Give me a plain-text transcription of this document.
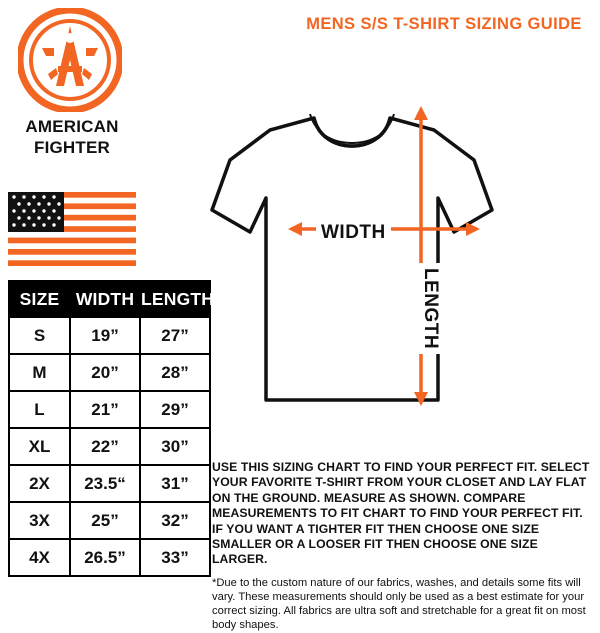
MENS S/S T-SHIRT SIZING GUIDE
AMERICAN
FIGHTER
SIZE	WIDTH	LENGTH
S	19”	27”
M	20”	28”
L	21”	29”
XL	22”	30”
2X	23.5“	31”
3X	25”	32”
4X	26.5”	33”
WIDTH
LENGTH

USE THIS SIZING CHART TO FIND YOUR PERFECT FIT. SELECT YOUR FAVORITE T-SHIRT FROM YOUR CLOSET AND LAY FLAT ON THE GROUND. MEASURE AS SHOWN. COMPARE MEASUREMENTS TO FIT CHART TO FIND YOUR PERFECT FIT. IF YOU WANT A TIGHTER FIT THEN CHOOSE ONE SIZE SMALLER OR A LOOSER FIT THEN CHOOSE ONE SIZE LARGER.

*Due to the custom nature of our fabrics, washes, and details some fits will vary. These measurements should only be used as a best estimate for your correct sizing. All fabrics are ultra soft and stretchable for a great fit on most body shapes.
